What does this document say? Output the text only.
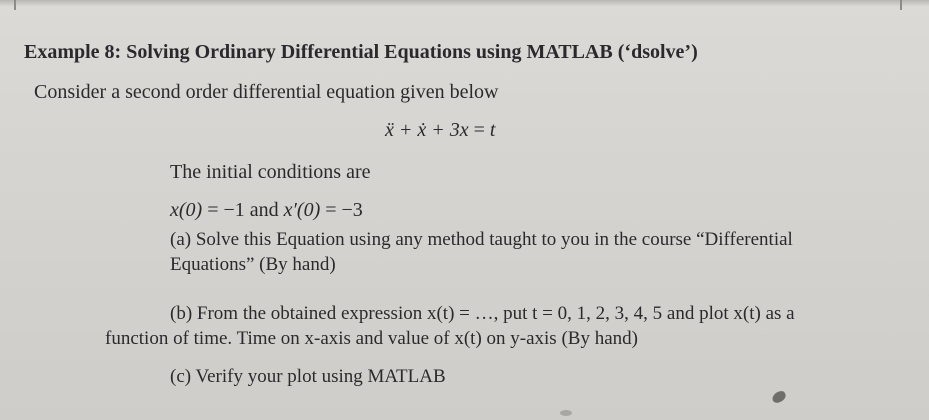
Example 8: Solving Ordinary Differential Equations using MATLAB (‘dsolve’)
Consider a second order differential equation given below
ẍ + ẋ + 3x = t
The initial conditions are
x(0) = −1 and x′(0) = −3
(a) Solve this Equation using any method taught to you in the course “Differential
Equations” (By hand)
(b) From the obtained expression x(t) = …, put t = 0, 1, 2, 3, 4, 5 and plot x(t) as a
function of time. Time on x-axis and value of x(t) on y-axis (By hand)
(c) Verify your plot using MATLAB
